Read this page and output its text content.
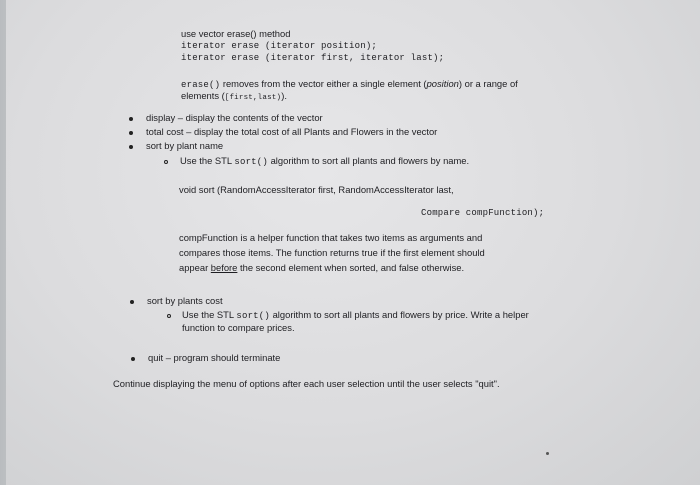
use vector erase() method
iterator erase (iterator position);
iterator erase (iterator first, iterator last);
erase() removes from the vector either a single element (position) or a range of
elements ([first,last)).
display – display the contents of the vector
total cost – display the total cost of all Plants and Flowers in the vector
sort by plant name
Use the STL sort() algorithm to sort all plants and flowers by name.
void sort (RandomAccessIterator first, RandomAccessIterator last,
Compare compFunction);
compFunction is a helper function that takes two items as arguments and
compares those items. The function returns true if the first element should
appear before the second element when sorted, and false otherwise.
sort by plants cost
Use the STL sort() algorithm to sort all plants and flowers by price. Write a helper
function to compare prices.
quit – program should terminate
Continue displaying the menu of options after each user selection until the user selects "quit".
